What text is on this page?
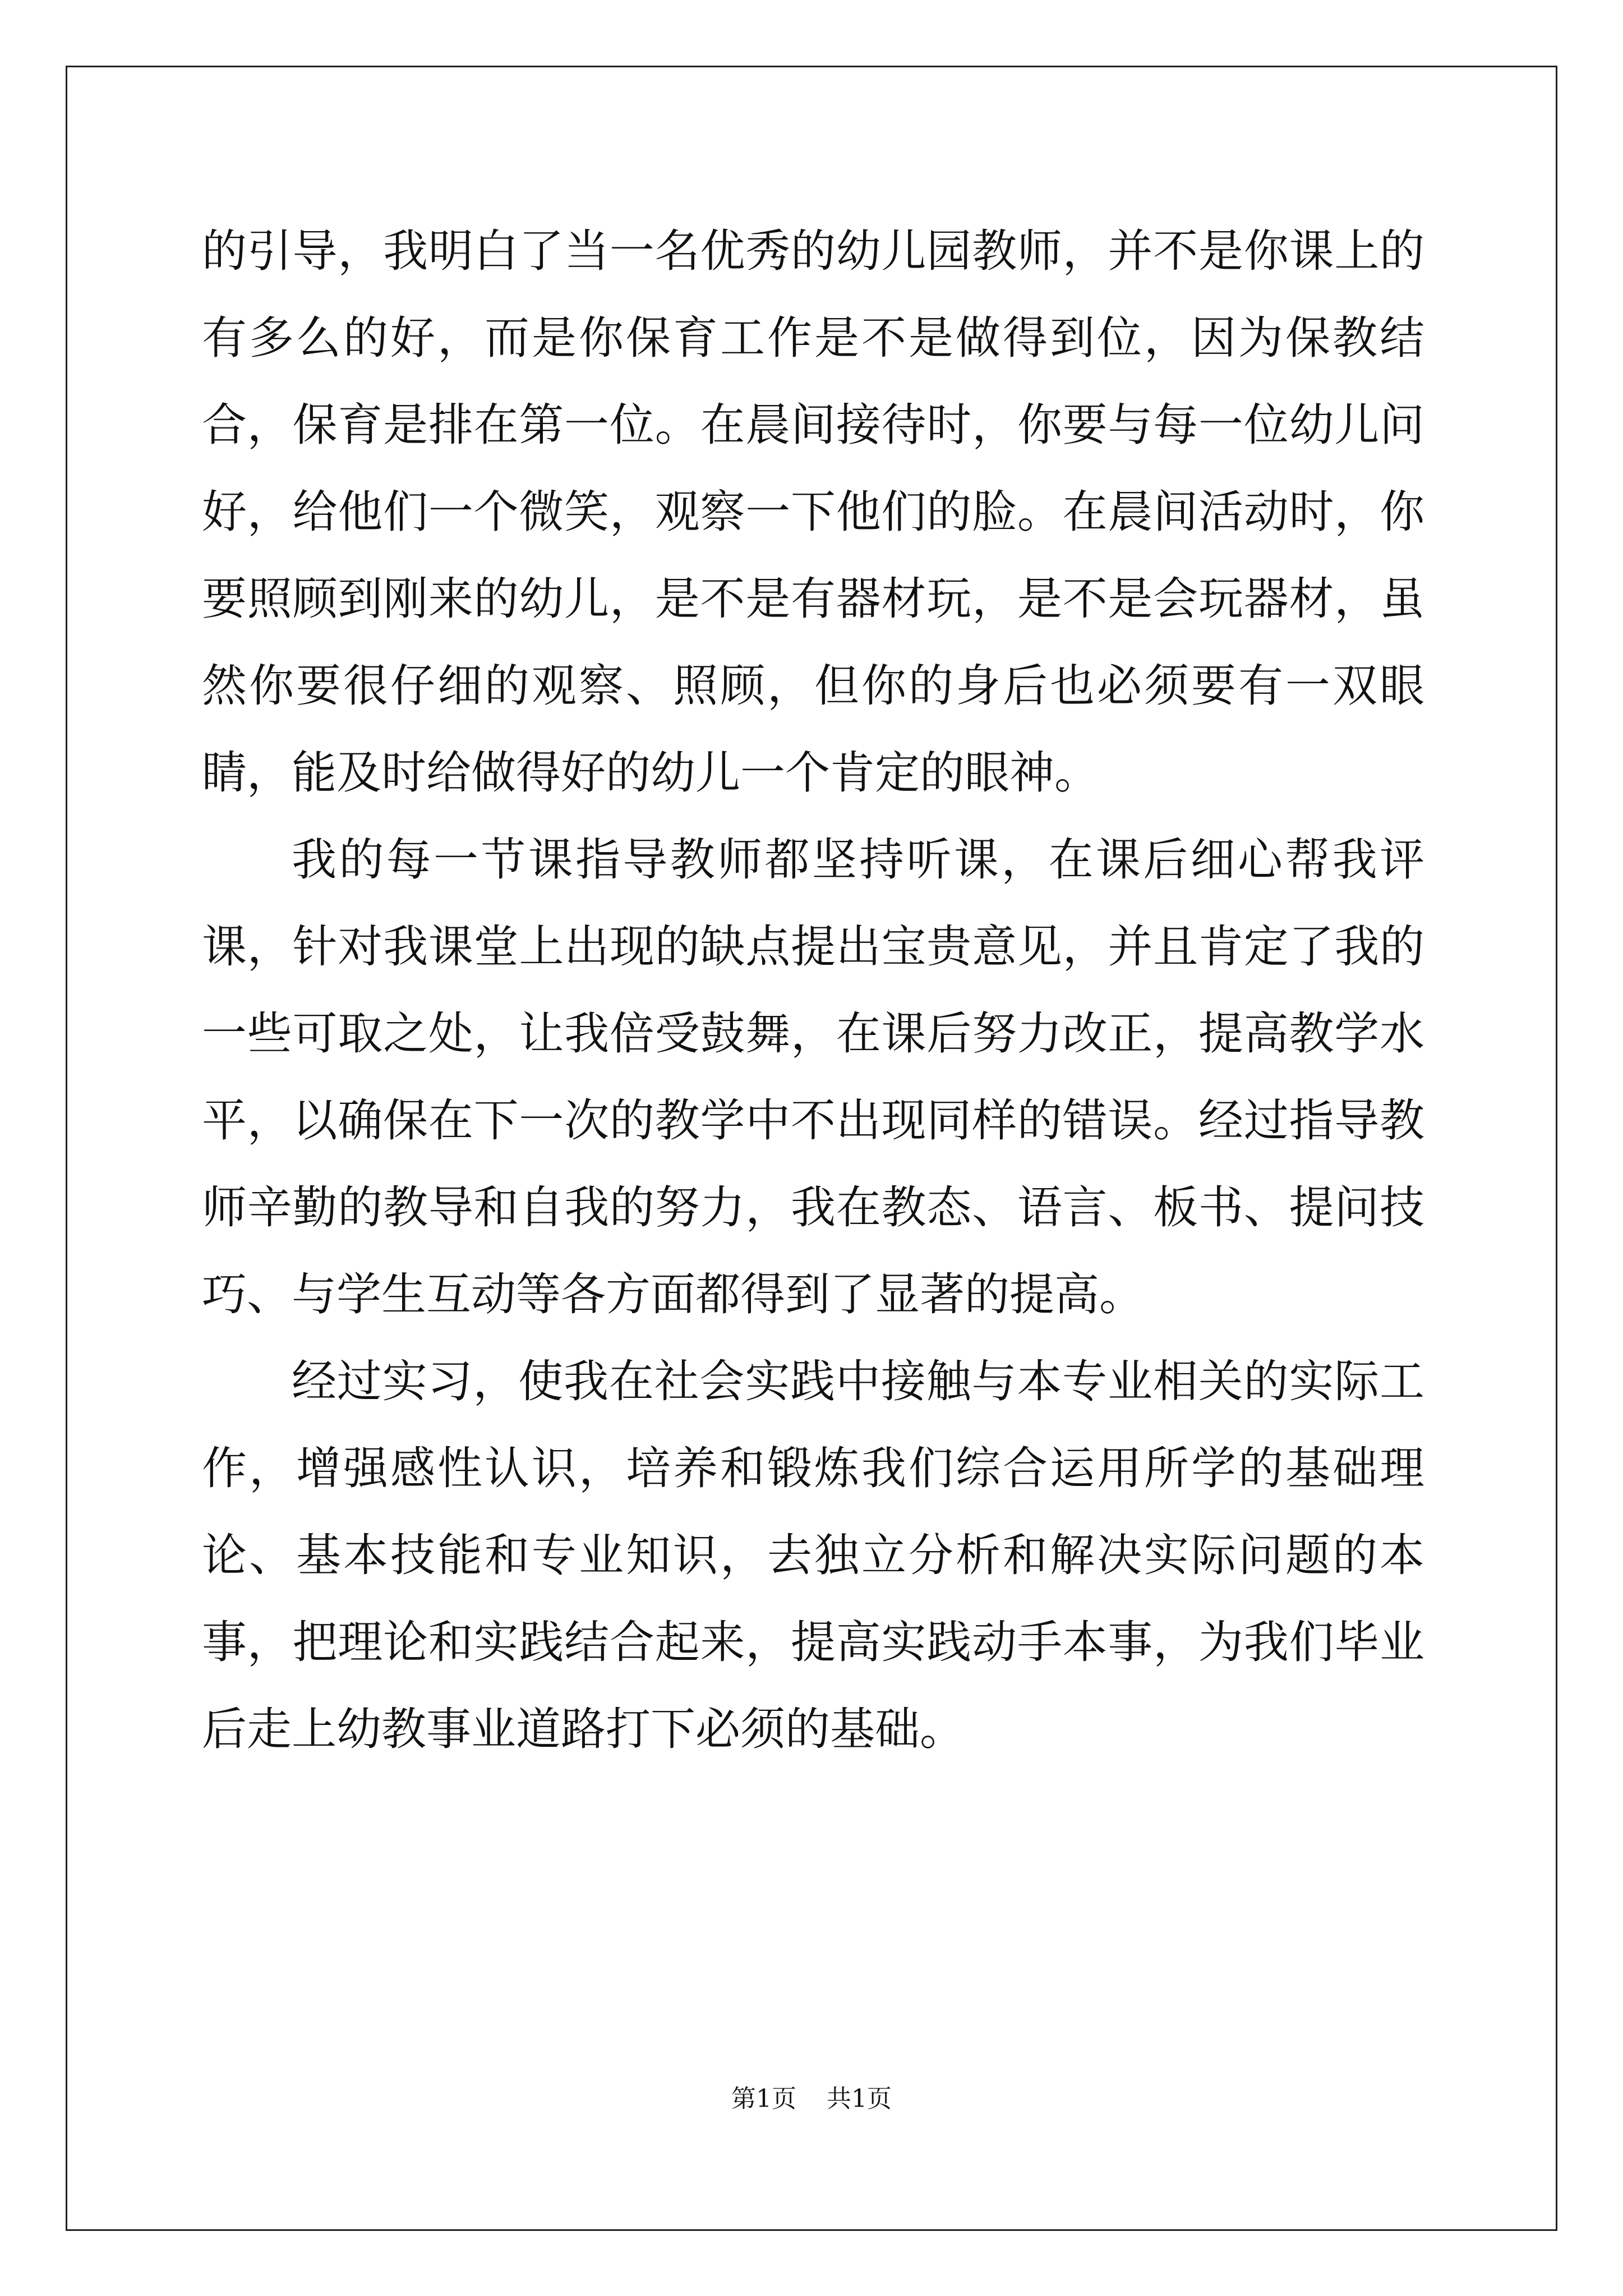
的引导，我明白了当一名优秀的幼儿园教师，并不是你课上的有多么的好，而是你保育工作是不是做得到位，因为保教结合，保育是排在第一位。在晨间接待时，你要与每一位幼儿问好，给他们一个微笑，观察一下他们的脸。在晨间活动时，你要照顾到刚来的幼儿，是不是有器材玩，是不是会玩器材，虽然你要很仔细的观察、照顾，但你的身后也必须要有一双眼睛，能及时给做得好的幼儿一个肯定的眼神。

我的每一节课指导教师都坚持听课，在课后细心帮我评课，针对我课堂上出现的缺点提出宝贵意见，并且肯定了我的一些可取之处，让我倍受鼓舞，在课后努力改正，提高教学水平，以确保在下一次的教学中不出现同样的错误。经过指导教师辛勤的教导和自我的努力，我在教态、语言、板书、提问技巧、与学生互动等各方面都得到了显著的提高。

经过实习，使我在社会实践中接触与本专业相关的实际工作，增强感性认识，培养和锻炼我们综合运用所学的基础理论、基本技能和专业知识，去独立分析和解决实际问题的本事，把理论和实践结合起来，提高实践动手本事，为我们毕业后走上幼教事业道路打下必须的基础。

第1页 共1页
